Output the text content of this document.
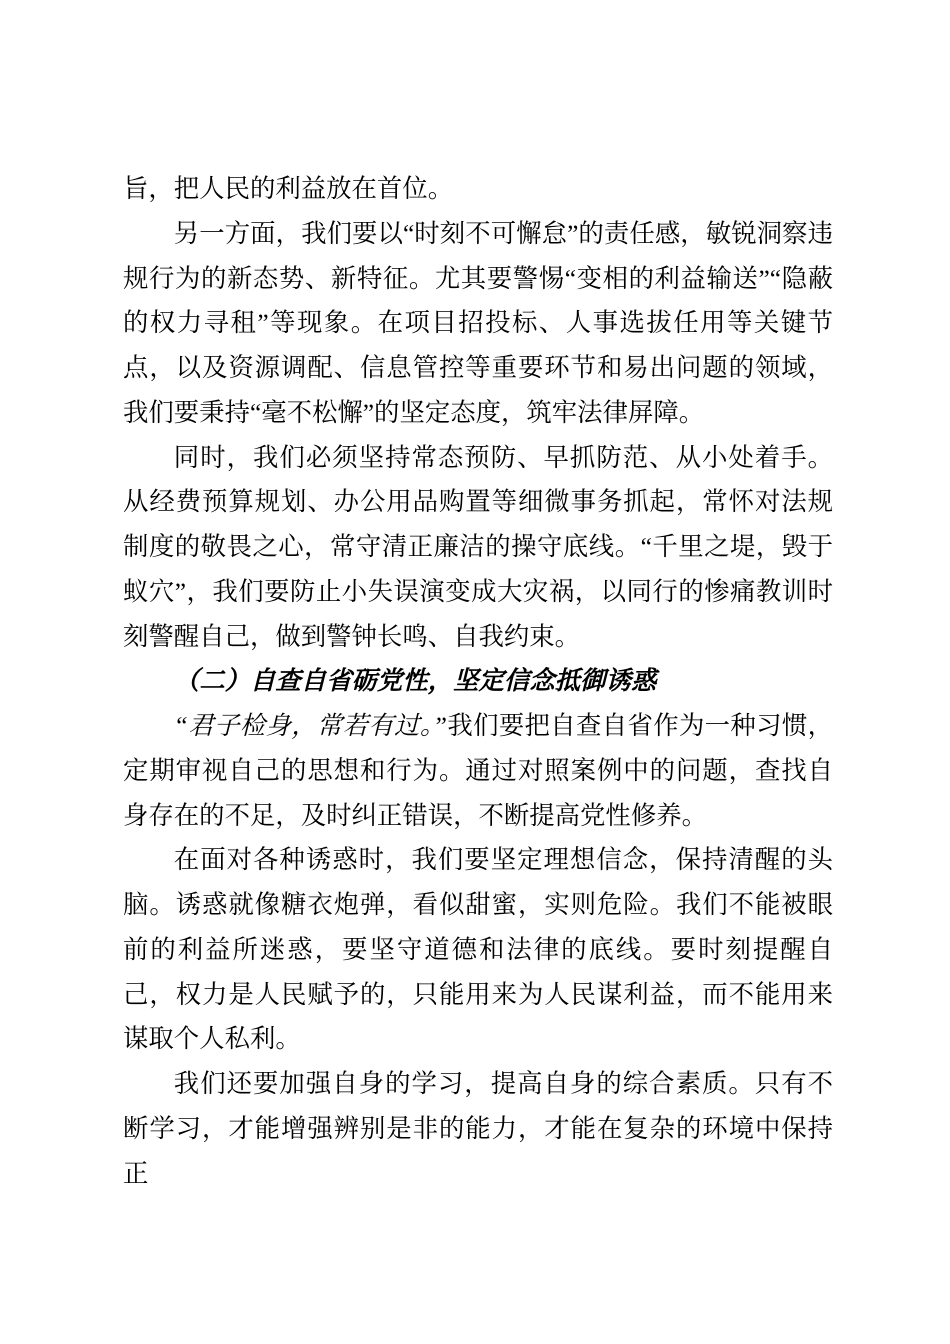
旨，把人民的利益放在首位。

另一方面，我们要以“时刻不可懈怠”的责任感，敏锐洞察违规行为的新态势、新特征。尤其要警惕“变相的利益输送”“隐蔽的权力寻租”等现象。在项目招投标、人事选拔任用等关键节点，以及资源调配、信息管控等重要环节和易出问题的领域，我们要秉持“毫不松懈”的坚定态度，筑牢法律屏障。

同时，我们必须坚持常态预防、早抓防范、从小处着手。从经费预算规划、办公用品购置等细微事务抓起，常怀对法规制度的敬畏之心，常守清正廉洁的操守底线。“千里之堤，毁于蚁穴”，我们要防止小失误演变成大灾祸，以同行的惨痛教训时刻警醒自己，做到警钟长鸣、自我约束。

（二）自查自省砺党性，坚定信念抵御诱惑

“君子检身，常若有过。”我们要把自查自省作为一种习惯，定期审视自己的思想和行为。通过对照案例中的问题，查找自身存在的不足，及时纠正错误，不断提高党性修养。

在面对各种诱惑时，我们要坚定理想信念，保持清醒的头脑。诱惑就像糖衣炮弹，看似甜蜜，实则危险。我们不能被眼前的利益所迷惑，要坚守道德和法律的底线。要时刻提醒自己，权力是人民赋予的，只能用来为人民谋利益，而不能用来谋取个人私利。

我们还要加强自身的学习，提高自身的综合素质。只有不断学习，才能增强辨别是非的能力，才能在复杂的环境中保持正
